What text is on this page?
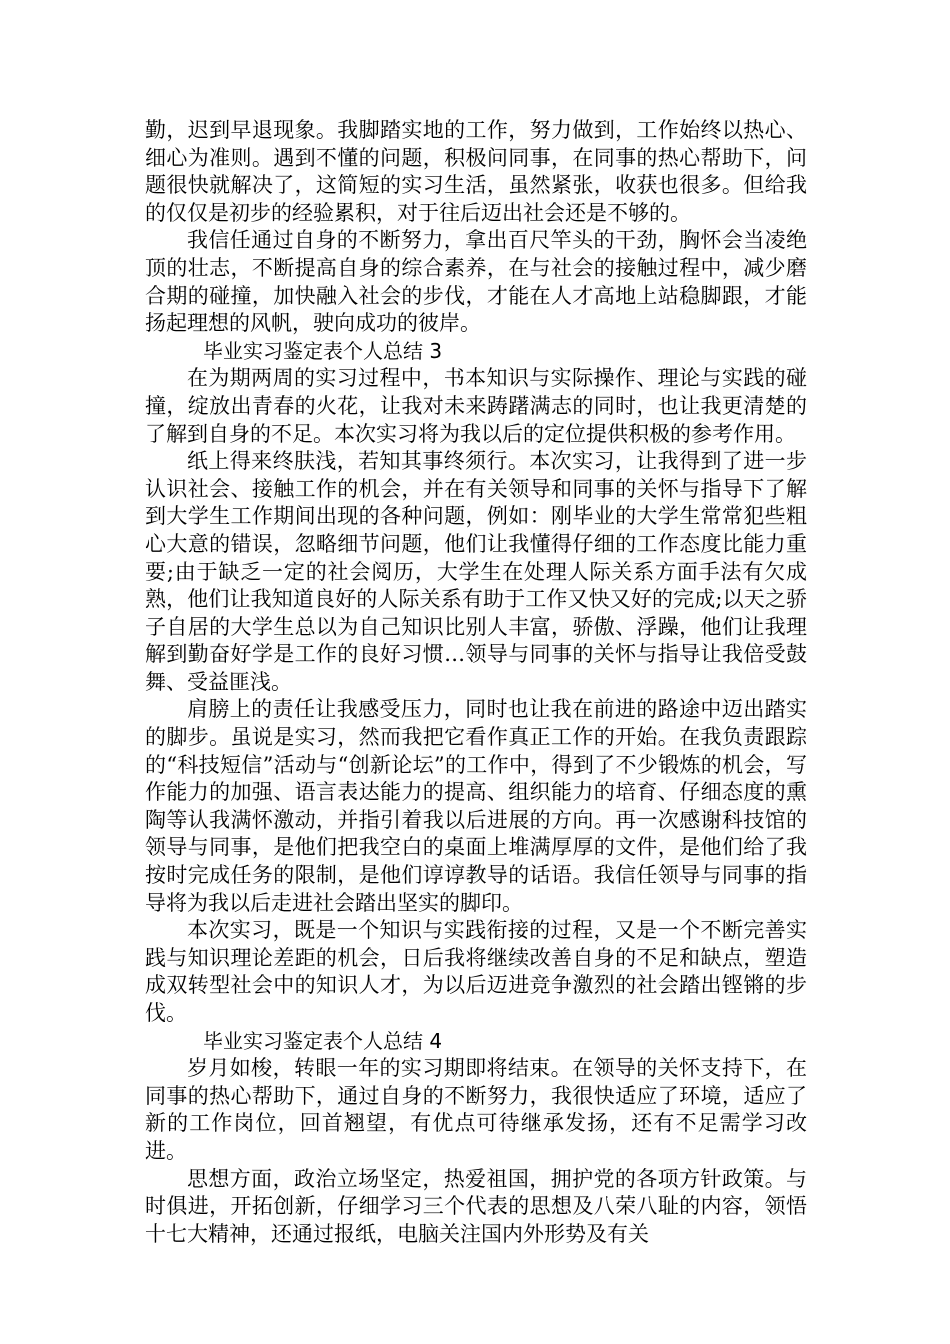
勤，迟到早退现象。我脚踏实地的工作，努力做到，工作始终以热心、细心为准则。遇到不懂的问题，积极问同事，在同事的热心帮助下，问题很快就解决了，这简短的实习生活，虽然紧张，收获也很多。但给我的仅仅是初步的经验累积，对于往后迈出社会还是不够的。

我信任通过自身的不断努力，拿出百尺竿头的干劲，胸怀会当凌绝顶的壮志，不断提高自身的综合素养，在与社会的接触过程中，减少磨合期的碰撞，加快融入社会的步伐，才能在人才高地上站稳脚跟，才能扬起理想的风帆，驶向成功的彼岸。

毕业实习鉴定表个人总结 3

在为期两周的实习过程中，书本知识与实际操作、理论与实践的碰撞，绽放出青春的火花，让我对未来踌躇满志的同时，也让我更清楚的了解到自身的不足。本次实习将为我以后的定位提供积极的参考作用。

纸上得来终肤浅，若知其事终须行。本次实习，让我得到了进一步认识社会、接触工作的机会，并在有关领导和同事的关怀与指导下了解到大学生工作期间出现的各种问题，例如：刚毕业的大学生常常犯些粗心大意的错误，忽略细节问题，他们让我懂得仔细的工作态度比能力重要;由于缺乏一定的社会阅历，大学生在处理人际关系方面手法有欠成熟，他们让我知道良好的人际关系有助于工作又快又好的完成;以天之骄子自居的大学生总以为自己知识比别人丰富，骄傲、浮躁，他们让我理解到勤奋好学是工作的良好习惯…领导与同事的关怀与指导让我倍受鼓舞、受益匪浅。

肩膀上的责任让我感受压力，同时也让我在前进的路途中迈出踏实的脚步。虽说是实习，然而我把它看作真正工作的开始。在我负责跟踪的“科技短信”活动与“创新论坛”的工作中，得到了不少锻炼的机会，写作能力的加强、语言表达能力的提高、组织能力的培育、仔细态度的熏陶等认我满怀激动，并指引着我以后进展的方向。再一次感谢科技馆的领导与同事，是他们把我空白的桌面上堆满厚厚的文件，是他们给了我按时完成任务的限制，是他们谆谆教导的话语。我信任领导与同事的指导将为我以后走进社会踏出坚实的脚印。

本次实习，既是一个知识与实践衔接的过程，又是一个不断完善实践与知识理论差距的机会，日后我将继续改善自身的不足和缺点，塑造成双转型社会中的知识人才，为以后迈进竞争激烈的社会踏出铿锵的步伐。

毕业实习鉴定表个人总结 4

岁月如梭，转眼一年的实习期即将结束。在领导的关怀支持下，在同事的热心帮助下，通过自身的不断努力，我很快适应了环境，适应了新的工作岗位，回首翘望，有优点可待继承发扬，还有不足需学习改进。

思想方面，政治立场坚定，热爱祖国，拥护党的各项方针政策。与时俱进，开拓创新，仔细学习三个代表的思想及八荣八耻的内容，领悟十七大精神，还通过报纸，电脑关注国内外形势及有关
